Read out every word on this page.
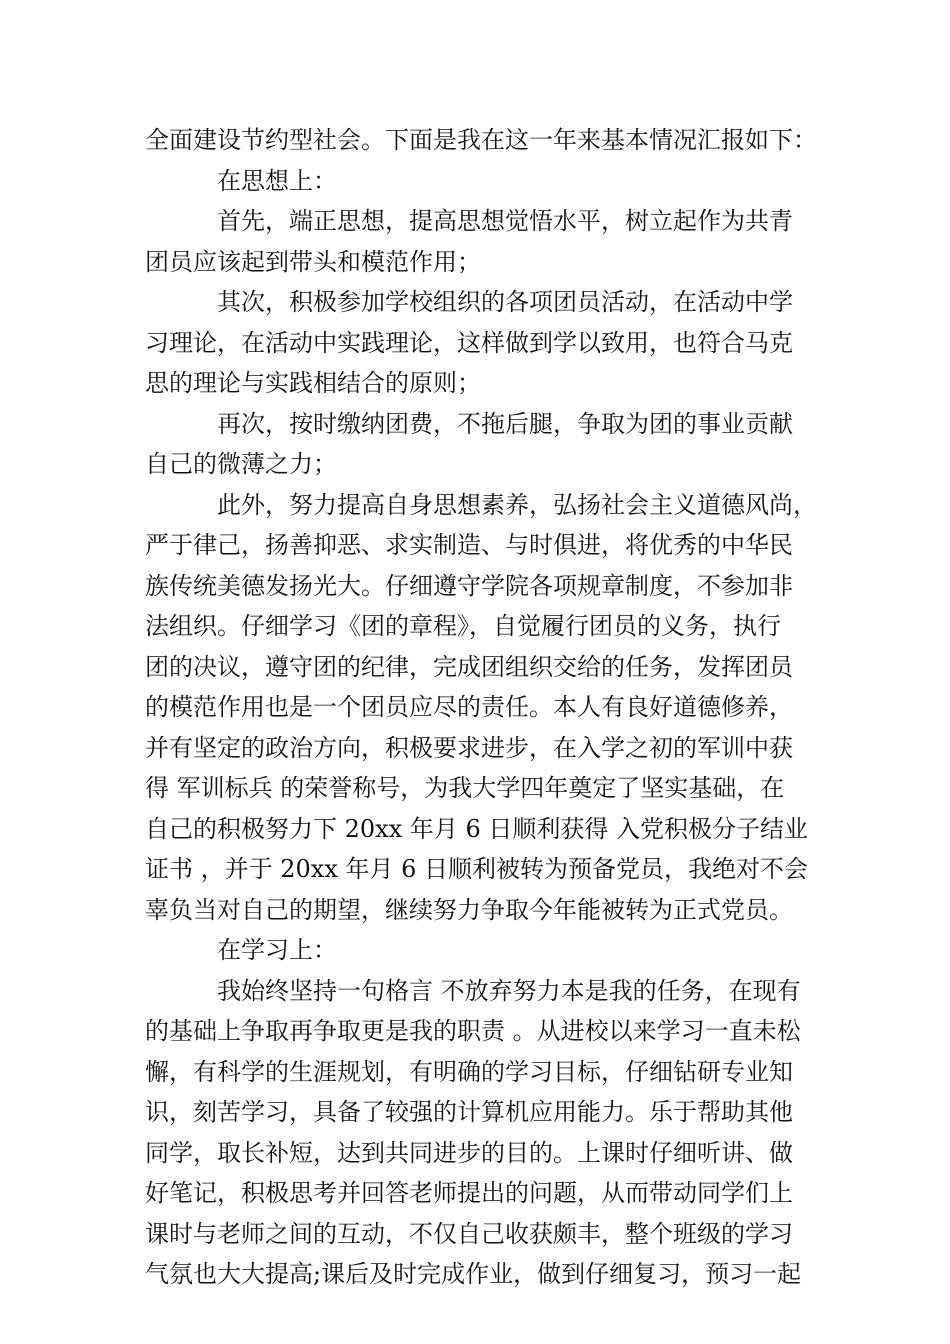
全面建设节约型社会。下面是我在这一年来基本情况汇报如下：
在思想上：
首先，端正思想，提高思想觉悟水平，树立起作为共青
团员应该起到带头和模范作用；
其次，积极参加学校组织的各项团员活动，在活动中学
习理论，在活动中实践理论，这样做到学以致用，也符合马克
思的理论与实践相结合的原则；
再次，按时缴纳团费，不拖后腿，争取为团的事业贡献
自己的微薄之力；
此外，努力提高自身思想素养，弘扬社会主义道德风尚，
严于律己，扬善抑恶、求实制造、与时俱进，将优秀的中华民
族传统美德发扬光大。仔细遵守学院各项规章制度，不参加非
法组织。仔细学习《团的章程》，自觉履行团员的义务，执行
团的决议，遵守团的纪律，完成团组织交给的任务，发挥团员
的模范作用也是一个团员应尽的责任。本人有良好道德修养，
并有坚定的政治方向，积极要求进步，在入学之初的军训中获
得 军训标兵 的荣誉称号，为我大学四年奠定了坚实基础，在
自己的积极努力下 20xx 年月 6 日顺利获得 入党积极分子结业
证书 ，并于 20xx 年月 6 日顺利被转为预备党员，我绝对不会
辜负当对自己的期望，继续努力争取今年能被转为正式党员。
在学习上：
我始终坚持一句格言 不放弃努力本是我的任务，在现有
的基础上争取再争取更是我的职责 。从进校以来学习一直未松
懈，有科学的生涯规划，有明确的学习目标，仔细钻研专业知
识，刻苦学习，具备了较强的计算机应用能力。乐于帮助其他
同学，取长补短，达到共同进步的目的。上课时仔细听讲、做
好笔记，积极思考并回答老师提出的问题，从而带动同学们上
课时与老师之间的互动，不仅自己收获颇丰，整个班级的学习
气氛也大大提高;课后及时完成作业，做到仔细复习，预习一起
